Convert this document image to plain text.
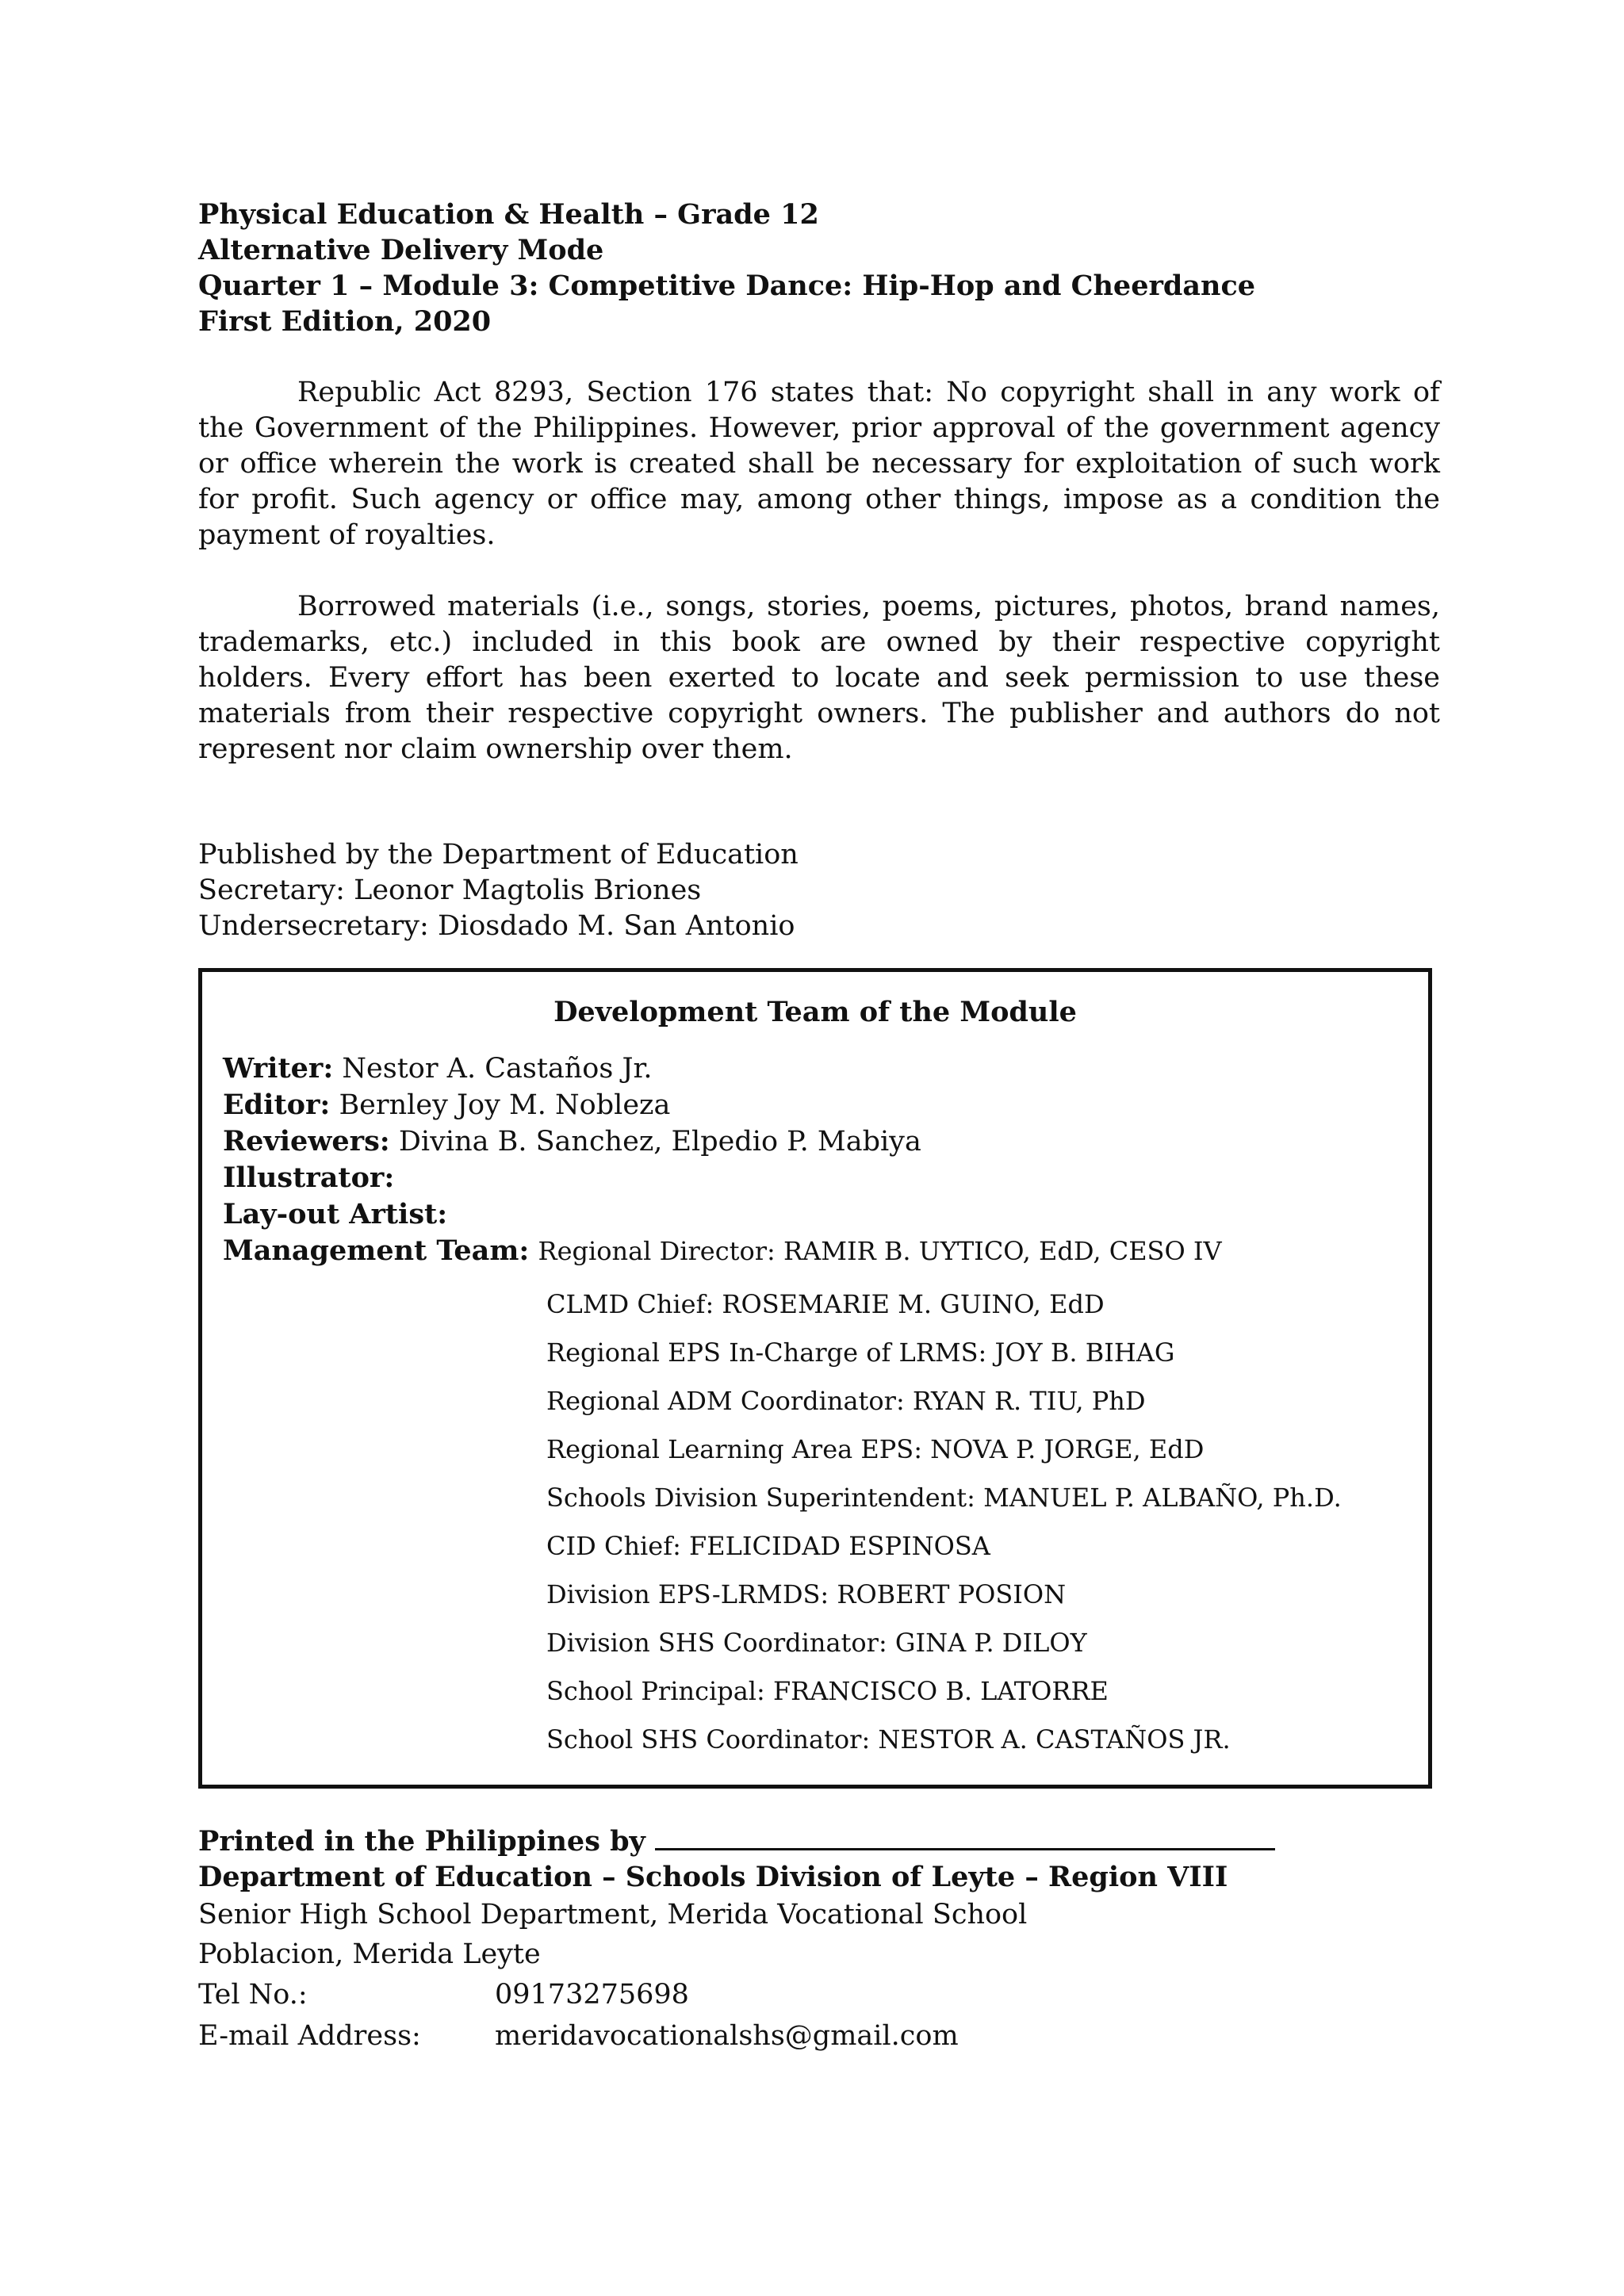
Physical Education & Health – Grade 12

Alternative Delivery Mode

Quarter 1 – Module 3: Competitive Dance: Hip-Hop and Cheerdance

First Edition, 2020

Republic Act 8293, Section 176 states that: No copyright shall in any work of the Government of the Philippines. However, prior approval of the government agency or office wherein the work is created shall be necessary for exploitation of such work for profit. Such agency or office may, among other things, impose as a condition the payment of royalties.

Borrowed materials (i.e., songs, stories, poems, pictures, photos, brand names, trademarks, etc.) included in this book are owned by their respective copyright holders. Every effort has been exerted to locate and seek permission to use these materials from their respective copyright owners. The publisher and authors do not represent nor claim ownership over them.

Published by the Department of Education
Secretary: Leonor Magtolis Briones
Undersecretary: Diosdado M. San Antonio

Development Team of the Module

Writer: Nestor A. Castaños Jr.

Editor: Bernley Joy M. Nobleza

Reviewers: Divina B. Sanchez, Elpedio P. Mabiya

Illustrator:

Lay-out Artist:

Management Team: Regional Director: RAMIR B. UYTICO, EdD, CESO IV

CLMD Chief: ROSEMARIE M. GUINO, EdD

Regional EPS In-Charge of LRMS: JOY B. BIHAG

Regional ADM Coordinator: RYAN R. TIU, PhD

Regional Learning Area EPS: NOVA P. JORGE, EdD

Schools Division Superintendent: MANUEL P. ALBAÑO, Ph.D.

CID Chief: FELICIDAD ESPINOSA

Division EPS-LRMDS: ROBERT POSION

Division SHS Coordinator: GINA P. DILOY

School Principal: FRANCISCO B. LATORRE

School SHS Coordinator: NESTOR A. CASTAÑOS JR.

Printed in the Philippines by

Department of Education – Schools Division of Leyte – Region VIII

Senior High School Department, Merida Vocational School

Poblacion, Merida Leyte

Tel No.:	09173275698

E-mail Address:	meridavocationalshs@gmail.com
